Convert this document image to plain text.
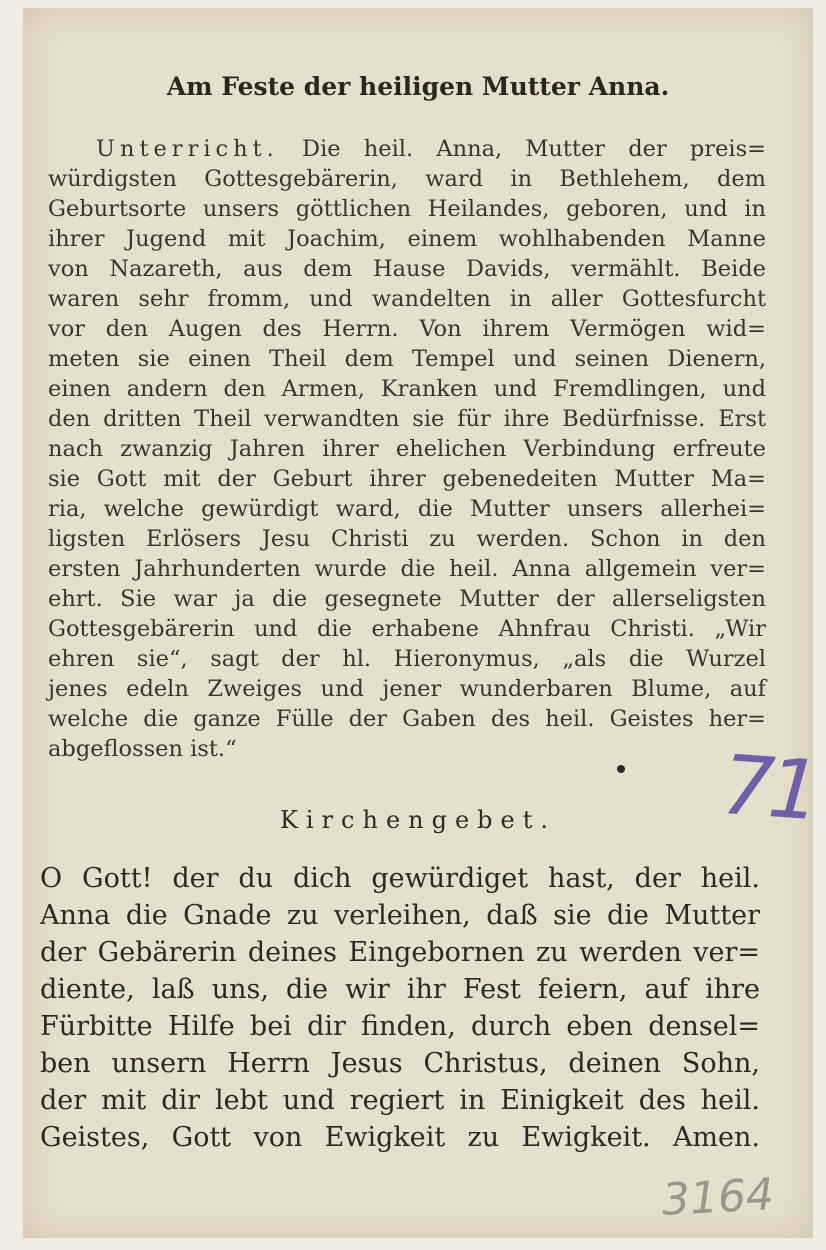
Am Feste der heiligen Mutter Anna.
Unterricht. Die heil. Anna, Mutter der preis=
würdigsten Gottesgebärerin, ward in Bethlehem, dem
Geburtsorte unsers göttlichen Heilandes, geboren, und in
ihrer Jugend mit Joachim, einem wohlhabenden Manne
von Nazareth, aus dem Hause Davids, vermählt. Beide
waren sehr fromm, und wandelten in aller Gottesfurcht
vor den Augen des Herrn. Von ihrem Vermögen wid=
meten sie einen Theil dem Tempel und seinen Dienern,
einen andern den Armen, Kranken und Fremdlingen, und
den dritten Theil verwandten sie für ihre Bedürfnisse. Erst
nach zwanzig Jahren ihrer ehelichen Verbindung erfreute
sie Gott mit der Geburt ihrer gebenedeiten Mutter Ma=
ria, welche gewürdigt ward, die Mutter unsers allerhei=
ligsten Erlösers Jesu Christi zu werden. Schon in den
ersten Jahrhunderten wurde die heil. Anna allgemein ver=
ehrt. Sie war ja die gesegnete Mutter der allerseligsten
Gottesgebärerin und die erhabene Ahnfrau Christi. „Wir
ehren sie“, sagt der hl. Hieronymus, „als die Wurzel
jenes edeln Zweiges und jener wunderbaren Blume, auf
welche die ganze Fülle der Gaben des heil. Geistes her=
abgeflossen ist.“	71
Kirchengebet.
O Gott! der du dich gewürdiget hast, der heil.
Anna die Gnade zu verleihen, daß sie die Mutter
der Gebärerin deines Eingebornen zu werden ver=
diente, laß uns, die wir ihr Fest feiern, auf ihre
Fürbitte Hilfe bei dir finden, durch eben densel=
ben unsern Herrn Jesus Christus, deinen Sohn,
der mit dir lebt und regiert in Einigkeit des heil.
Geistes, Gott von Ewigkeit zu Ewigkeit. Amen.
3164
